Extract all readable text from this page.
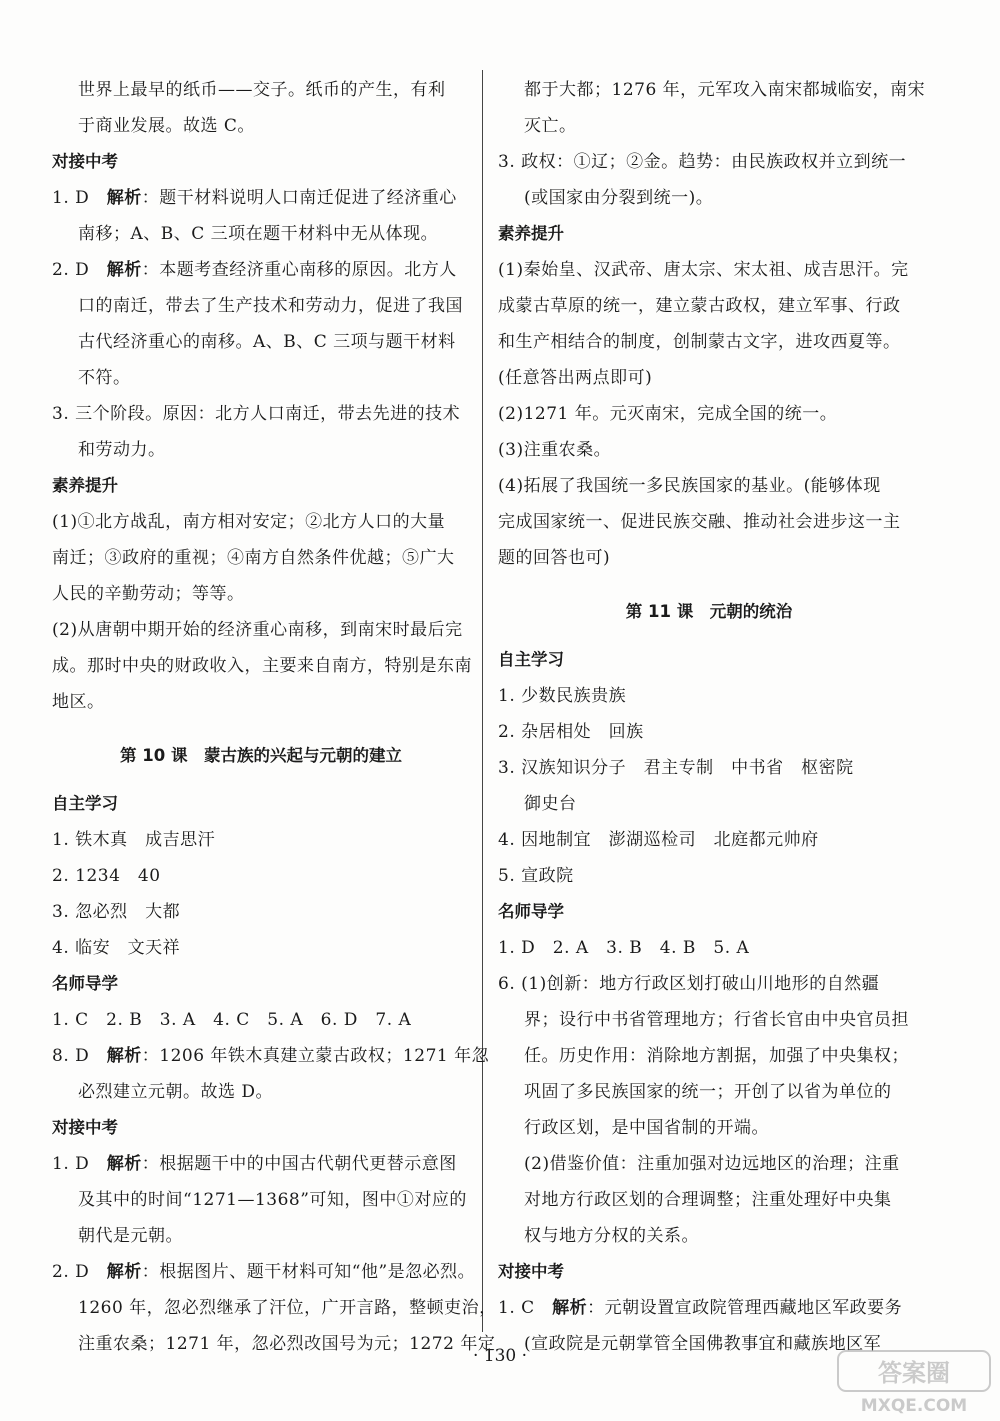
世界上最早的纸币——交子。纸币的产生，有利
于商业发展。故选 C。
对接中考
1. D　 解析：题干材料说明人口南迁促进了经济重心
南移；A、B、C 三项在题干材料中无从体现。
2. D　 解析：本题考查经济重心南移的原因。北方人
口的南迁，带去了生产技术和劳动力，促进了我国
古代经济重心的南移。A、B、C 三项与题干材料
不符。
3. 三个阶段。原因：北方人口南迁，带去先进的技术
和劳动力。
素养提升
(1)①北方战乱，南方相对安定；②北方人口的大量
南迁；③政府的重视；④南方自然条件优越；⑤广大
人民的辛勤劳动；等等。
(2)从唐朝中期开始的经济重心南移，到南宋时最后完
成。那时中央的财政收入，主要来自南方，特别是东南
地区。
第 10 课　蒙古族的兴起与元朝的建立
自主学习
1. 铁木真　成吉思汗
2. 1234　40
3. 忽必烈　大都
4. 临安　文天祥
名师导学
1. C　2. B　3. A　4. C　5. A　6. D　7. A
8. D　 解析：1206 年铁木真建立蒙古政权；1271 年忽
必烈建立元朝。故选 D。
对接中考
1. D　 解析：根据题干中的中国古代朝代更替示意图
及其中的时间“1271—1368”可知，图中①对应的
朝代是元朝。
2. D　 解析：根据图片、题干材料可知“他”是忽必烈。
1260 年，忽必烈继承了汗位，广开言路，整顿吏治，
注重农桑；1271 年，忽必烈改国号为元；1272 年定
都于大都；1276 年，元军攻入南宋都城临安，南宋
灭亡。
3. 政权：①辽；②金。趋势：由民族政权并立到统一
(或国家由分裂到统一)。
素养提升
(1)秦始皇、汉武帝、唐太宗、宋太祖、成吉思汗。完
成蒙古草原的统一，建立蒙古政权，建立军事、行政
和生产相结合的制度，创制蒙古文字，进攻西夏等。
(任意答出两点即可)
(2)1271 年。元灭南宋，完成全国的统一。
(3)注重农桑。
(4)拓展了我国统一多民族国家的基业。(能够体现
完成国家统一、促进民族交融、推动社会进步这一主
题的回答也可)
第 11 课　元朝的统治
自主学习
1. 少数民族贵族
2. 杂居相处　回族
3. 汉族知识分子　君主专制　中书省　枢密院
御史台
4. 因地制宜　澎湖巡检司　北庭都元帅府
5. 宣政院
名师导学
1. D　2. A　3. B　4. B　5. A
6. (1)创新：地方行政区划打破山川地形的自然疆
界；设行中书省管理地方；行省长官由中央官员担
任。历史作用：消除地方割据，加强了中央集权；
巩固了多民族国家的统一；开创了以省为单位的
行政区划，是中国省制的开端。
(2)借鉴价值：注重加强对边远地区的治理；注重
对地方行政区划的合理调整；注重处理好中央集
权与地方分权的关系。
对接中考
1. C　 解析：元朝设置宣政院管理西藏地区军政要务
(宣政院是元朝掌管全国佛教事宜和藏族地区军
· 130 ·
答案圈
MXQE.COM
